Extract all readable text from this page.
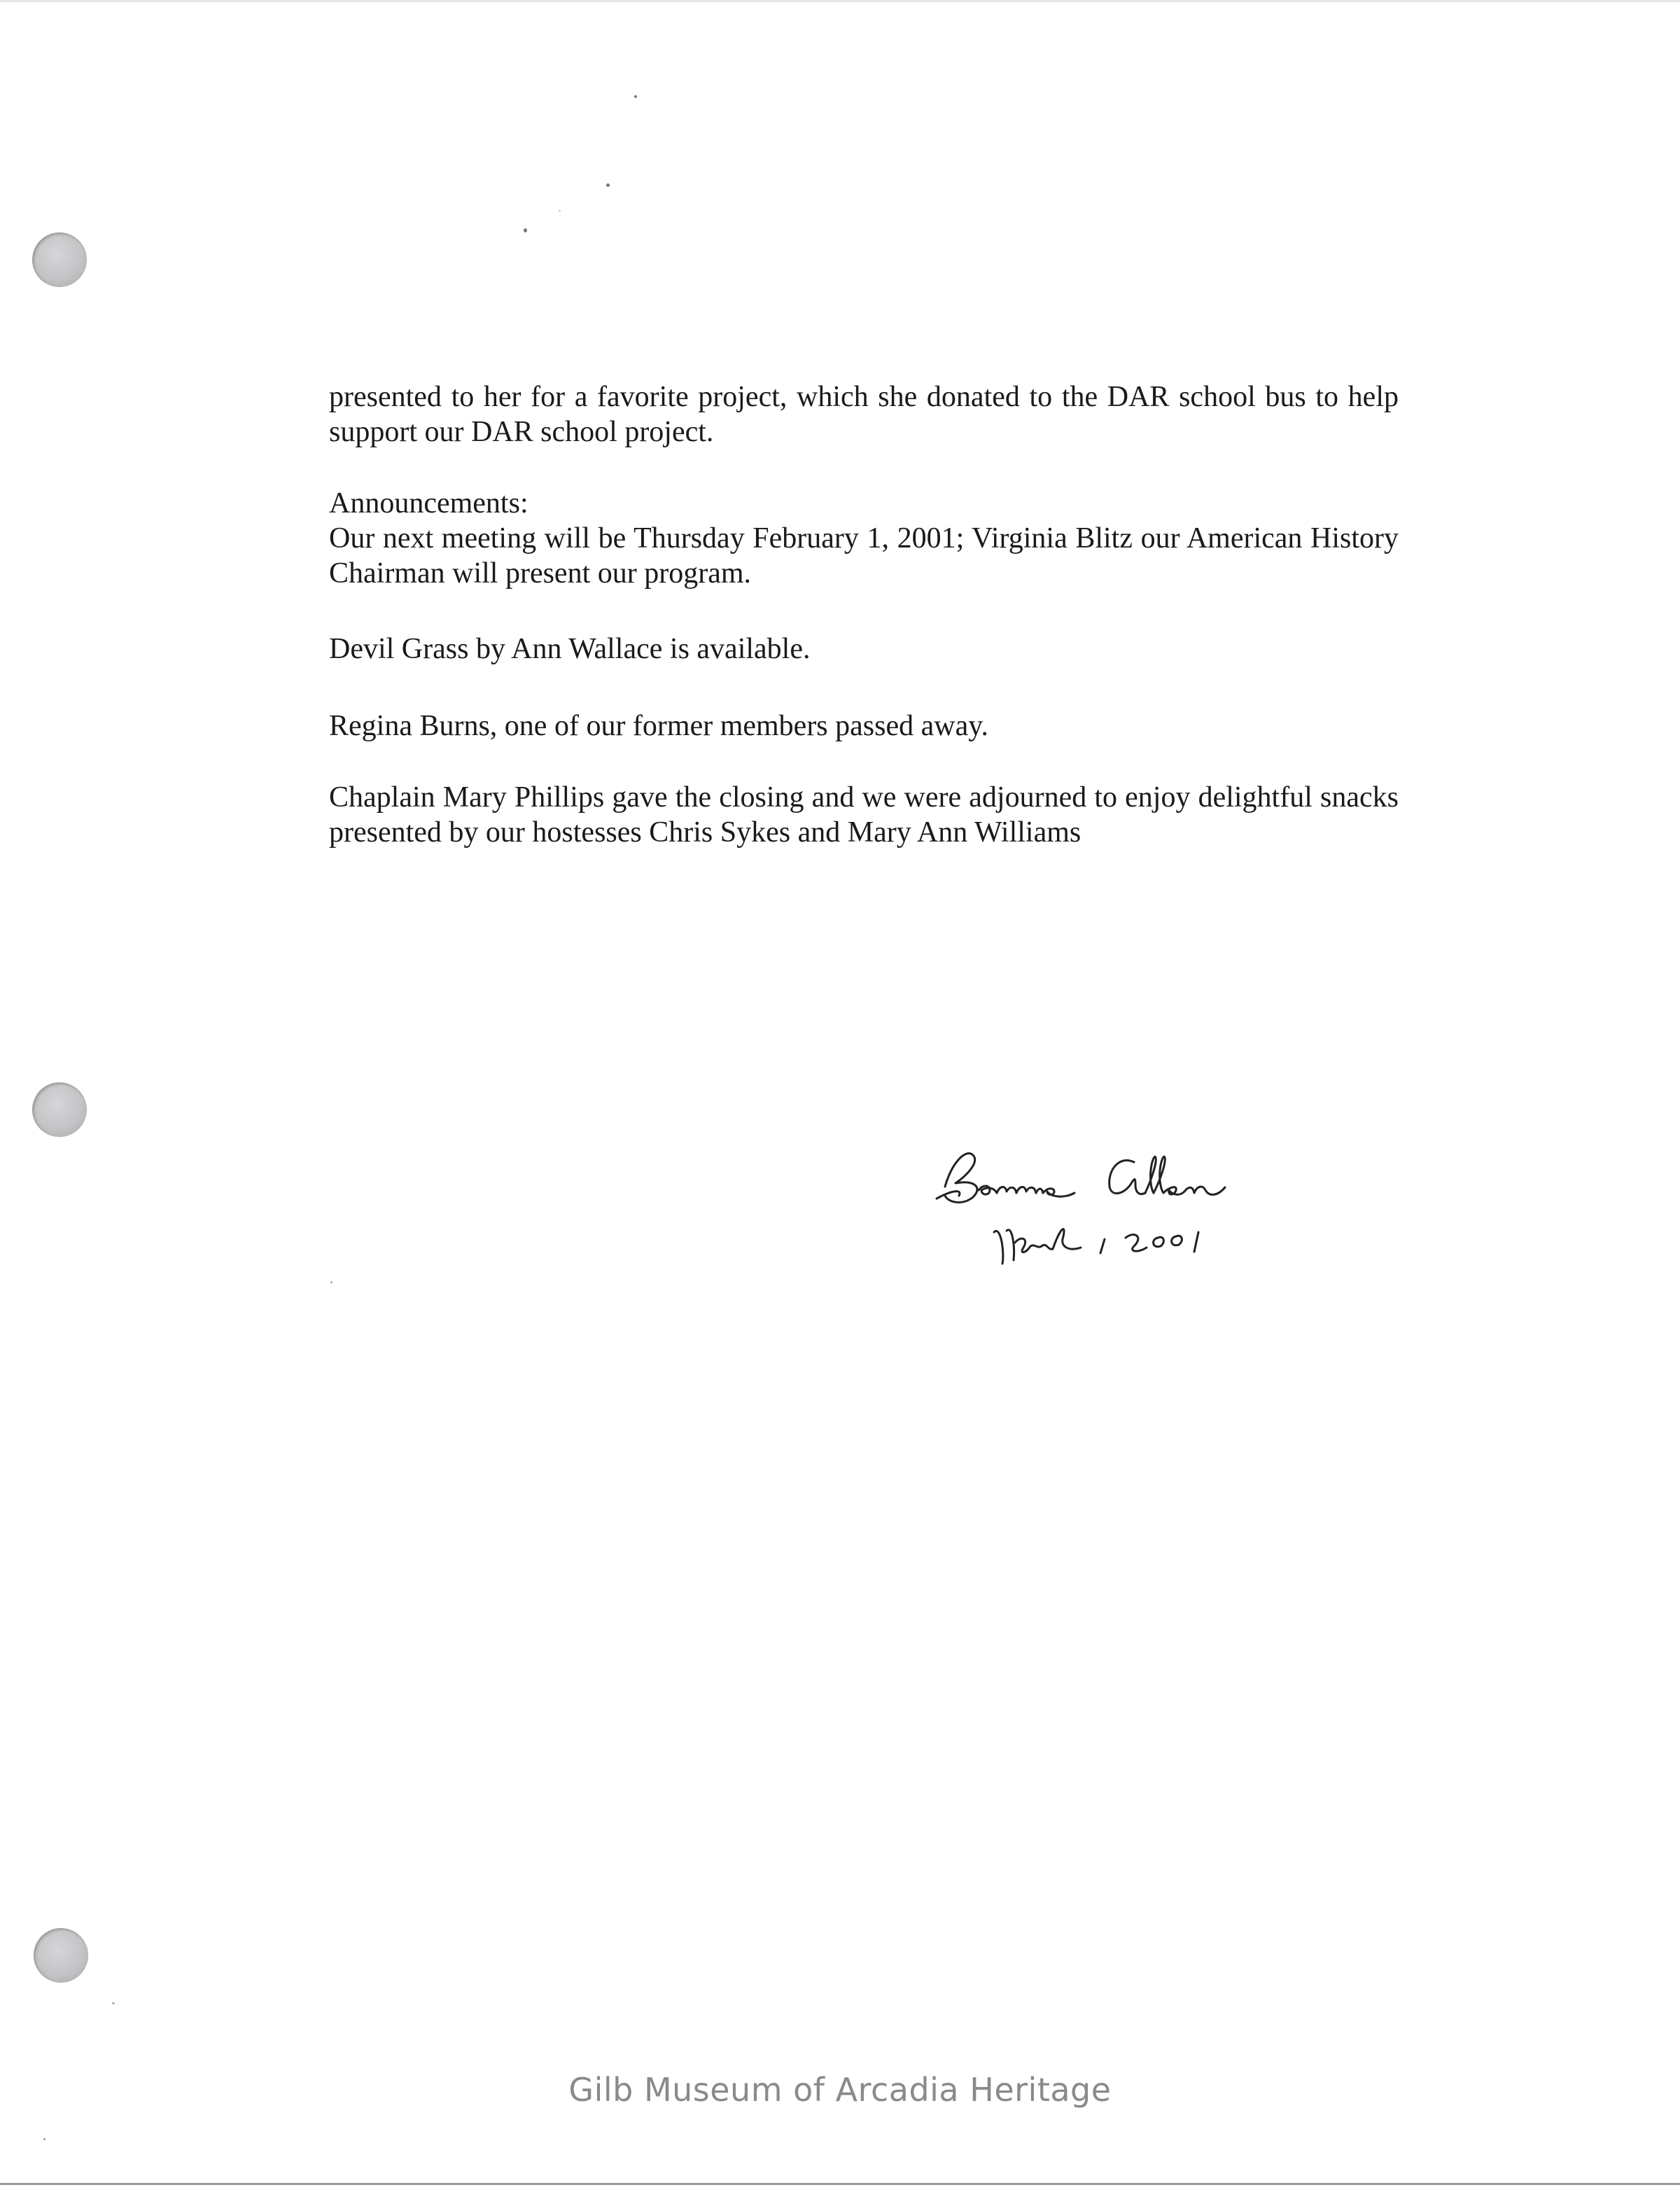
presented to her for a favorite project, which she donated to the DAR school bus to help support our DAR school project.

Announcements:
Our next meeting will be Thursday February 1, 2001; Virginia Blitz our American History Chairman will present our program.

Devil Grass by Ann Wallace is available.

Regina Burns, one of our former members passed away.

Chaplain Mary Phillips gave the closing and we were adjourned to enjoy delightful snacks presented by our hostesses Chris Sykes and Mary Ann Williams

Gilb Museum of Arcadia Heritage
